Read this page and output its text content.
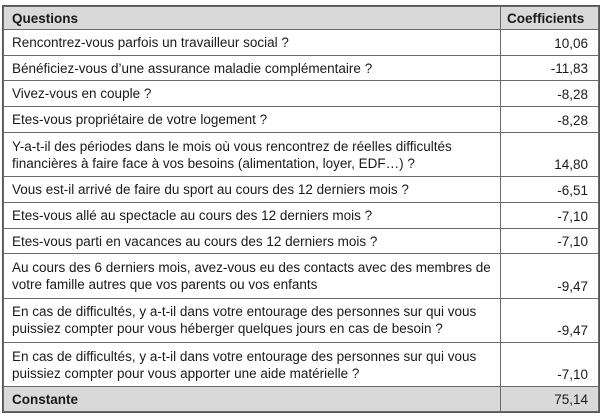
Questions	Coefficients
Rencontrez-vous parfois un travailleur social ?	10,06
Bénéficiez-vous d’une assurance maladie complémentaire ?	-11,83
Vivez-vous en couple ?	-8,28
Etes-vous propriétaire de votre logement ?	-8,28
Y-a-t-il des périodes dans le mois où vous rencontrez de réelles difficultés financières à faire face à vos besoins (alimentation, loyer, EDF…) ?	14,80
Vous est-il arrivé de faire du sport au cours des 12 derniers mois ?	-6,51
Etes-vous allé au spectacle au cours des 12 derniers mois ?	-7,10
Etes-vous parti en vacances au cours des 12 derniers mois ?	-7,10
Au cours des 6 derniers mois, avez-vous eu des contacts avec des membres de votre famille autres que vos parents ou vos enfants	-9,47
En cas de difficultés, y a-t-il dans votre entourage des personnes sur qui vous puissiez compter pour vous héberger quelques jours en cas de besoin ?	-9,47
En cas de difficultés, y a-t-il dans votre entourage des personnes sur qui vous puissiez compter pour vous apporter une aide matérielle ?	-7,10
Constante	75,14
